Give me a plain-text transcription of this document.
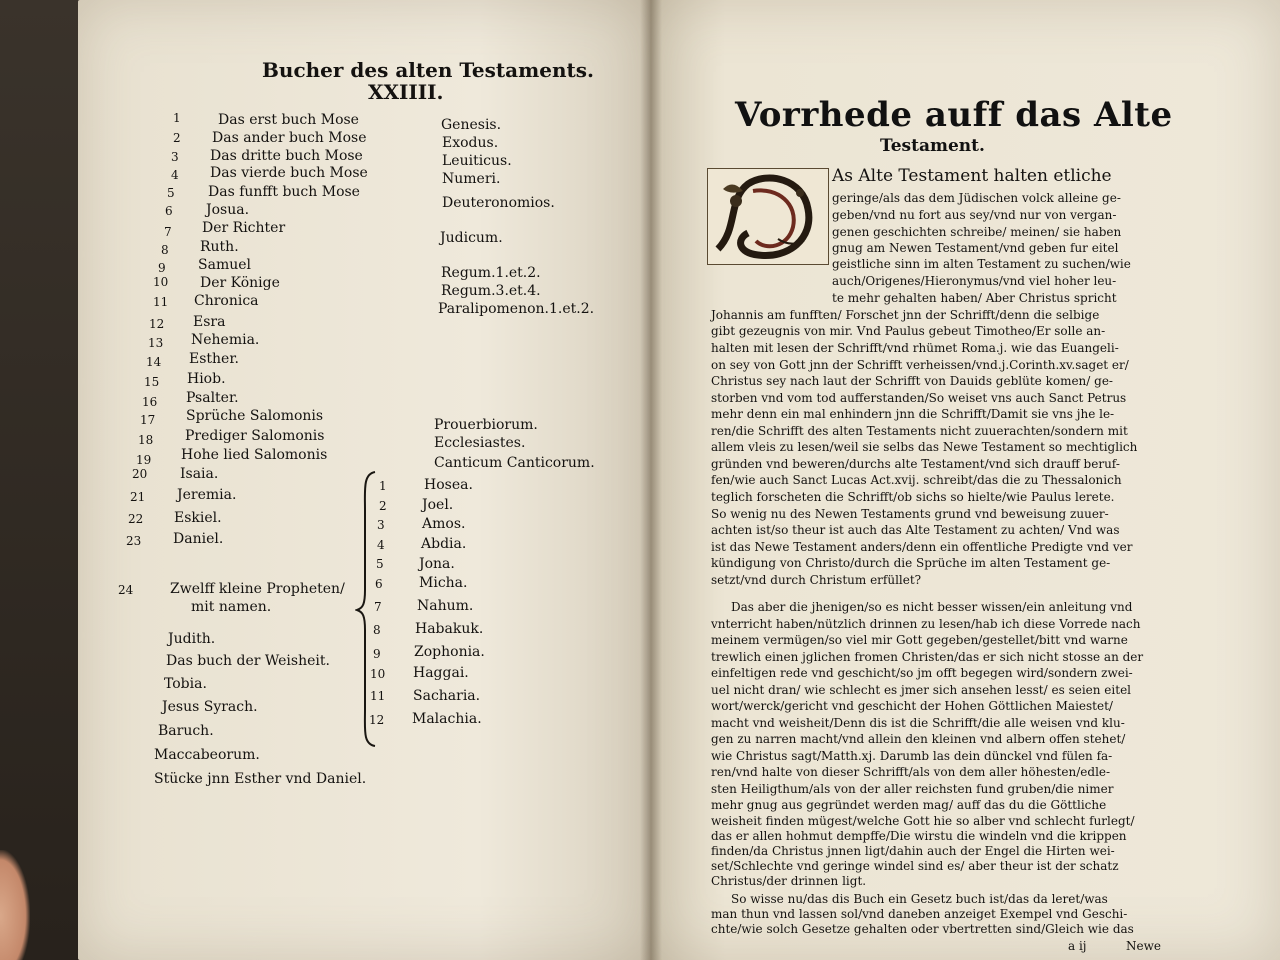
Bucher des alten Testaments.
XXIIII.
1
2
3
4
5
6
7
8
9
10
11
12
13
14
15
16
17
18
19
20
21
22
23
24
Das erst buch Mose
Das ander buch Mose
Das dritte buch Mose
Das vierde buch Mose
Das funfft buch Mose
Josua.
Der Richter
Ruth.
Samuel
Der Könige
Chronica
Esra
Nehemia.
Esther.
Hiob.
Psalter.
Sprüche Salomonis
Prediger Salomonis
Hohe lied Salomonis
Isaia.
Jeremia.
Eskiel.
Daniel.
Zwelff kleine Propheten/
mit namen.
Genesis.
Exodus.
Leuiticus.
Numeri.
Deuteronomios.
Judicum.
Regum.1.et.2.
Regum.3.et.4.
Paralipomenon.1.et.2.
Prouerbiorum.
Ecclesiastes.
Canticum Canticorum.
1
2
3
4
5
6
7
8
9
10
11
12
Hosea.
Joel.
Amos.
Abdia.
Jona.
Micha.
Nahum.
Habakuk.
Zophonia.
Haggai.
Sacharia.
Malachia.
Judith.
Das buch der Weisheit.
Tobia.
Jesus Syrach.
Baruch.
Maccabeorum.
Stücke jnn Esther vnd Daniel.
Vorrhede auff das Alte
Testament.
As Alte Testament halten etliche
geringe/als das dem Jüdischen volck alleine ge-
geben/vnd nu fort aus sey/vnd nur von vergan-
genen geschichten schreibe/ meinen/ sie haben
gnug am Newen Testament/vnd geben fur eitel
geistliche sinn im alten Testament zu suchen/wie
auch/Origenes/Hieronymus/vnd viel hoher leu-
te mehr gehalten haben/ Aber Christus spricht
Johannis am funfften/ Forschet jnn der Schrifft/denn die selbige
gibt gezeugnis von mir. Vnd Paulus gebeut Timotheo/Er solle an-
halten mit lesen der Schrifft/vnd rhümet Roma.j. wie das Euangeli-
on sey von Gott jnn der Schrifft verheissen/vnd.j.Corinth.xv.saget er/
Christus sey nach laut der Schrifft von Dauids geblüte komen/ ge-
storben vnd vom tod aufferstanden/So weiset vns auch Sanct Petrus
mehr denn ein mal enhindern jnn die Schrifft/Damit sie vns jhe le-
ren/die Schrifft des alten Testaments nicht zuuerachten/sondern mit
allem vleis zu lesen/weil sie selbs das Newe Testament so mechtiglich
gründen vnd beweren/durchs alte Testament/vnd sich drauff beruf-
fen/wie auch Sanct Lucas Act.xvij. schreibt/das die zu Thessalonich
teglich forscheten die Schrifft/ob sichs so hielte/wie Paulus lerete.
So wenig nu des Newen Testaments grund vnd beweisung zuuer-
achten ist/so theur ist auch das Alte Testament zu achten/ Vnd was
ist das Newe Testament anders/denn ein offentliche Predigte vnd ver
kündigung von Christo/durch die Sprüche im alten Testament ge-
setzt/vnd durch Christum erfüllet?
Das aber die jhenigen/so es nicht besser wissen/ein anleitung vnd
vnterricht haben/nützlich drinnen zu lesen/hab ich diese Vorrede nach
meinem vermügen/so viel mir Gott gegeben/gestellet/bitt vnd warne
trewlich einen jglichen fromen Christen/das er sich nicht stosse an der
einfeltigen rede vnd geschicht/so jm offt begegen wird/sondern zwei-
uel nicht dran/ wie schlecht es jmer sich ansehen lesst/ es seien eitel
wort/werck/gericht vnd geschicht der Hohen Göttlichen Maiestet/
macht vnd weisheit/Denn dis ist die Schrifft/die alle weisen vnd klu-
gen zu narren macht/vnd allein den kleinen vnd albern offen stehet/
wie Christus sagt/Matth.xj. Darumb las dein dünckel vnd fülen fa-
ren/vnd halte von dieser Schrifft/als von dem aller höhesten/edle-
sten Heiligthum/als von der aller reichsten fund gruben/die nimer
mehr gnug aus gegründet werden mag/ auff das du die Göttliche
weisheit finden mügest/welche Gott hie so alber vnd schlecht furlegt/
das er allen hohmut dempffe/Die wirstu die windeln vnd die krippen
finden/da Christus jnnen ligt/dahin auch der Engel die Hirten wei-
set/Schlechte vnd geringe windel sind es/ aber theur ist der schatz
Christus/der drinnen ligt.
So wisse nu/das dis Buch ein Gesetz buch ist/das da leret/was
man thun vnd lassen sol/vnd daneben anzeiget Exempel vnd Geschi-
chte/wie solch Gesetze gehalten oder vbertretten sind/Gleich wie das
a ij	Newe
